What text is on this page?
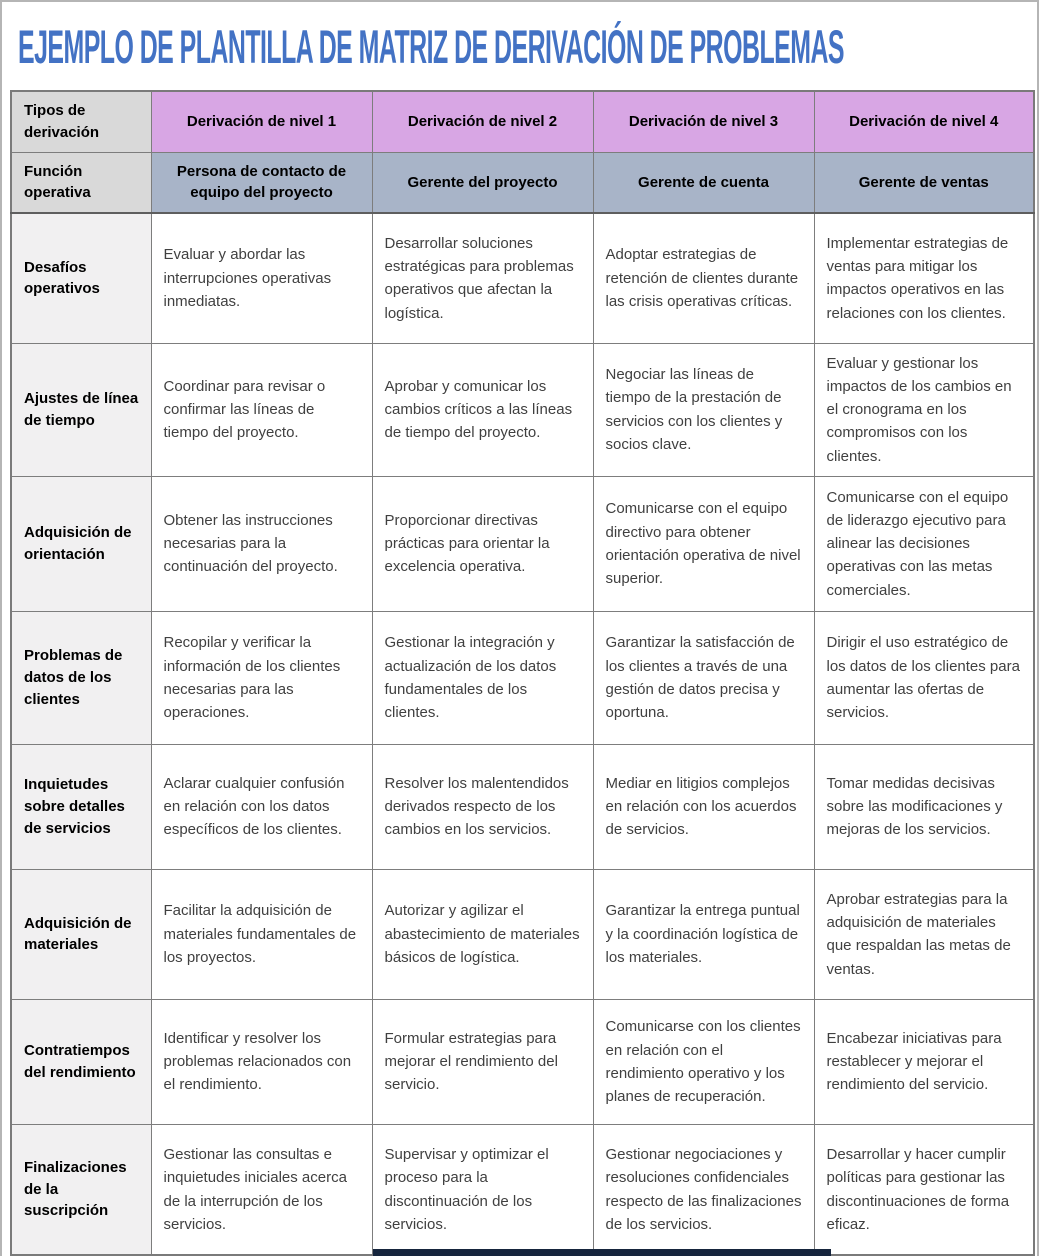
EJEMPLO DE PLANTILLA DE MATRIZ DE DERIVACIÓN DE PROBLEMAS
Tipos de derivación	Derivación de nivel 1	Derivación de nivel 2	Derivación de nivel 3	Derivación de nivel 4
Función operativa	Persona de contacto de equipo del proyecto	Gerente del proyecto	Gerente de cuenta	Gerente de ventas
Desafíos operativos	Evaluar y abordar las interrupciones operativas inmediatas.	Desarrollar soluciones estratégicas para problemas operativos que afectan la logística.	Adoptar estrategias de retención de clientes durante las crisis operativas críticas.	Implementar estrategias de ventas para mitigar los impactos operativos en las relaciones con los clientes.
Ajustes de línea de tiempo	Coordinar para revisar o confirmar las líneas de tiempo del proyecto.	Aprobar y comunicar los cambios críticos a las líneas de tiempo del proyecto.	Negociar las líneas de tiempo de la prestación de servicios con los clientes y socios clave.	Evaluar y gestionar los impactos de los cambios en el cronograma en los compromisos con los clientes.
Adquisición de orientación	Obtener las instrucciones necesarias para la continuación del proyecto.	Proporcionar directivas prácticas para orientar la excelencia operativa.	Comunicarse con el equipo directivo para obtener orientación operativa de nivel superior.	Comunicarse con el equipo de liderazgo ejecutivo para alinear las decisiones operativas con las metas comerciales.
Problemas de datos de los clientes	Recopilar y verificar la información de los clientes necesarias para las operaciones.	Gestionar la integración y actualización de los datos fundamentales de los clientes.	Garantizar la satisfacción de los clientes a través de una gestión de datos precisa y oportuna.	Dirigir el uso estratégico de los datos de los clientes para aumentar las ofertas de servicios.
Inquietudes sobre detalles de servicios	Aclarar cualquier confusión en relación con los datos específicos de los clientes.	Resolver los malentendidos derivados respecto de los cambios en los servicios.	Mediar en litigios complejos en relación con los acuerdos de servicios.	Tomar medidas decisivas sobre las modificaciones y mejoras de los servicios.
Adquisición de materiales	Facilitar la adquisición de materiales fundamentales de los proyectos.	Autorizar y agilizar el abastecimiento de materiales básicos de logística.	Garantizar la entrega puntual y la coordinación logística de los materiales.	Aprobar estrategias para la adquisición de materiales que respaldan las metas de ventas.
Contratiempos del rendimiento	Identificar y resolver los problemas relacionados con el rendimiento.	Formular estrategias para mejorar el rendimiento del servicio.	Comunicarse con los clientes en relación con el rendimiento operativo y los planes de recuperación.	Encabezar iniciativas para restablecer y mejorar el rendimiento del servicio.
Finalizaciones de la suscripción	Gestionar las consultas e inquietudes iniciales acerca de la interrupción de los servicios.	Supervisar y optimizar el proceso para la discontinuación de los servicios.	Gestionar negociaciones y resoluciones confidenciales respecto de las finalizaciones de los servicios.	Desarrollar y hacer cumplir políticas para gestionar las discontinuaciones de forma eficaz.
